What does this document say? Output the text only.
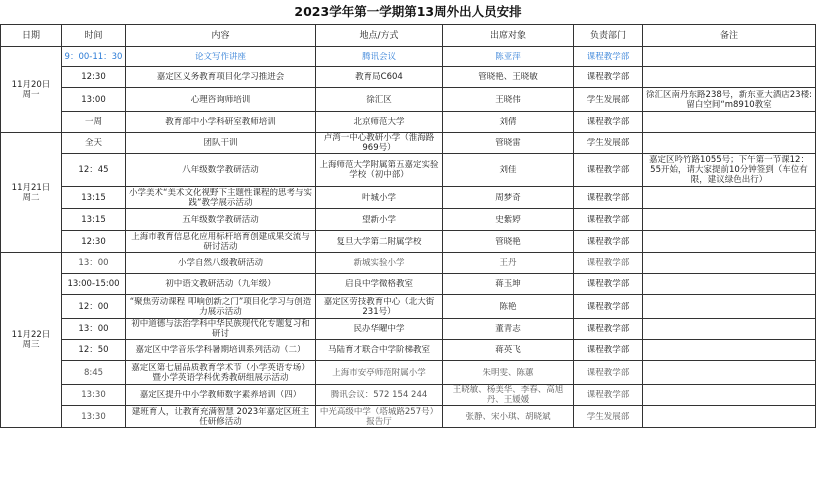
2023学年第一学期第13周外出人员安排
日期	时间	内容	地点/方式	出席对象	负责部门	备注

11月20日
周一	9：00-11：30	论文写作讲座	腾讯会议	陈亚萍	课程教学部	

	12:30	嘉定区义务教育项目化学习推进会	教育局C604	管晓艳、王晓敏	课程教学部	

	13:00	心理咨询师培训	徐汇区	王晓伟	学生发展部	徐汇区南丹东路238号，新东亚大酒店23楼:留白空间“m8910教室

	一周	教育部中小学科研室教师培训	北京师范大学	刘倩	课程教学部	

11月21日
周二	全天	团队干训	卢湾一中心教研小学（淮海路969号）	管晓雷	学生发展部	

	12：45	八年级数学教研活动	上海师范大学附属第五嘉定实验学校（初中部）	刘佳	课程教学部	嘉定区吟竹路1055号；下午第一节课12：55开始，请大家提前10分钟签到（车位有限，建议绿色出行）

	13:15	小学美术“美术文化视野下主题性课程的思考与实践”教学展示活动	叶城小学	周梦奇	课程教学部	

	13:15	五年级数学教研活动	望新小学	史紫婷	课程教学部	

	12:30	上海市教育信息化应用标杆培育创建成果交流与研讨活动	复旦大学第二附属学校	管晓艳	课程教学部	

11月22日
周三	13：00	小学自然八级教研活动	新城实验小学	王丹	课程教学部	

	13:00-15:00	初中语文教研活动（九年级）	启良中学微格教室	蒋玉坤	课程教学部	

	12：00	“聚焦劳动课程 叩响创新之门”项目化学习与创造力展示活动	嘉定区劳技教育中心（北大街231号）	陈艳	课程教学部	

	13：00	初中道德与法治学科中华民族现代化专题复习和研讨	民办华曜中学	董青志	课程教学部	

	12：50	嘉定区中学音乐学科暑期培训系列活动（二）	马陆育才联合中学阶梯教室	蒋英飞	课程教学部	

	8:45	嘉定区第七届品质教育学术节（小学英语专场）暨小学英语学科优秀教研组展示活动	上海市安亭师范附属小学	朱明雯、陈蕙	课程教学部	

	13:30	嘉定区提升中小学教师数字素养培训（四）	腾讯会议：572 154 244	王晓敏、杨美华、李春、高旭丹、王媛媛	课程教学部	

	13:30	建班育人，让教育充满智慧 2023年嘉定区班主任研修活动	中光高级中学（塔城路257号）报告厅	张静、宋小琪、胡晓斌	学生发展部	
